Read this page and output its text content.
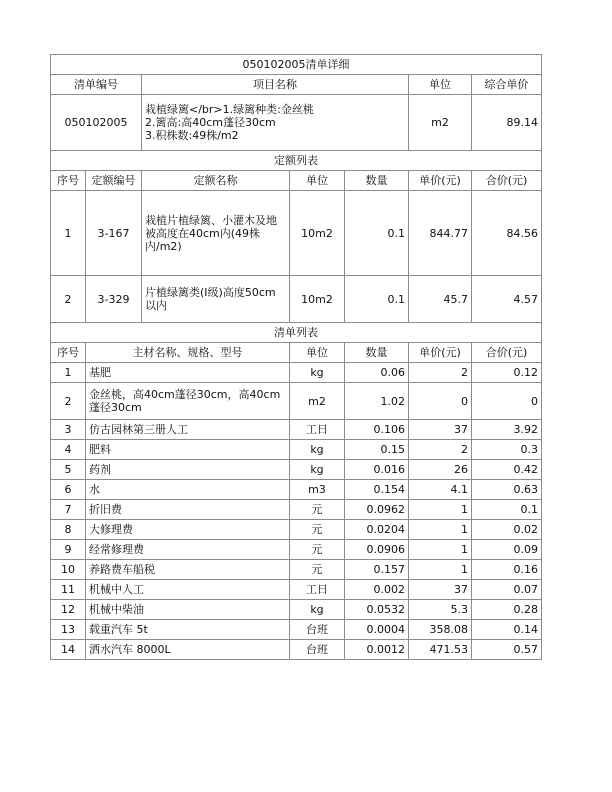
050102005清单详细						
清单编号		项目名称			单位	综合单价
050102005		栽植绿篱</br>1.绿篱种类:金丝桃
2.篱高:高40cm蓬径30cm
3.积株数:49株/m2			m2	89.14
定额列表						
序号	定额编号	定额名称	单位	数量	单价(元)	合价(元)
1	3-167	栽植片植绿篱、小灌木及地被高度在40cm内(49株内/m2)	10m2	0.1	844.77	84.56
2	3-329	片植绿篱类(I级)高度50cm以内	10m2	0.1	45.7	4.57
清单列表						
序号	主材名称、规格、型号		单位	数量	单价(元)	合价(元)
1	基肥		kg	0.06	2	0.12
2	金丝桃，高40cm蓬径30cm，高40cm蓬径30cm		m2	1.02	0	0
3	仿古园林第三册人工		工日	0.106	37	3.92
4	肥料		kg	0.15	2	0.3
5	药剂		kg	0.016	26	0.42
6	水		m3	0.154	4.1	0.63
7	折旧费		元	0.0962	1	0.1
8	大修理费		元	0.0204	1	0.02
9	经常修理费		元	0.0906	1	0.09
10	养路费车船税		元	0.157	1	0.16
11	机械中人工		工日	0.002	37	0.07
12	机械中柴油		kg	0.0532	5.3	0.28
13	载重汽车 5t		台班	0.0004	358.08	0.14
14	洒水汽车 8000L		台班	0.0012	471.53	0.57
